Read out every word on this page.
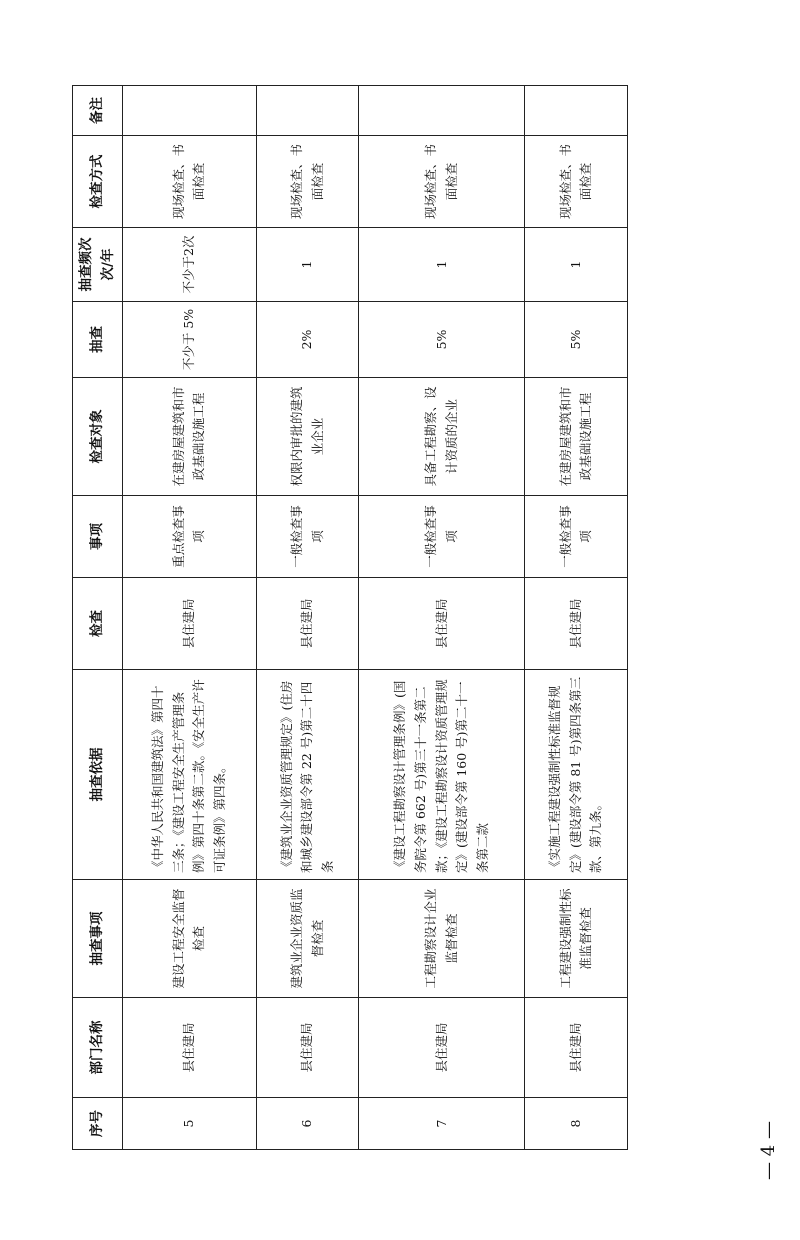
序号	部门名称	抽查事项	抽查依据	检查	事项	检查对象	抽查	抽查频次次/年	检查方式	备注
5	县住建局	建设工程安全监督检查	《中华人民共和国建筑法》第四十三条；《建设工程安全生产管理条例》第四十条第二款。《安全生产许可证条例》第四条。	县住建局	重点检查事项	在建房屋建筑和市政基础设施工程	不少于 5%	不少于2次	现场检查、书面检查	
6	县住建局	建筑业企业资质监督检查	《建筑业企业资质管理规定》(住房和城乡建设部令第 22 号)第二十四条	县住建局	一般检查事项	权限内审批的建筑业企业	2%	1	现场检查、书面检查	
7	县住建局	工程勘察设计企业监督检查	《建设工程勘察设计管理条例》(国务院令第 662 号)第三十一条第二款；《建设工程勘察设计资质管理规定》(建设部令第 160 号)第二十一条第二款	县住建局	一般检查事项	具备工程勘察、设计资质的企业	5%	1	现场检查、书面检查	
8	县住建局	工程建设强制性标准监督检查	《实施工程建设强制性标准监督规定》(建设部令第 81 号)第四条第三款、第九条。	县住建局	一般检查事项	在建房屋建筑和市政基础设施工程	5%	1	现场检查、书面检查	
— 4 —
